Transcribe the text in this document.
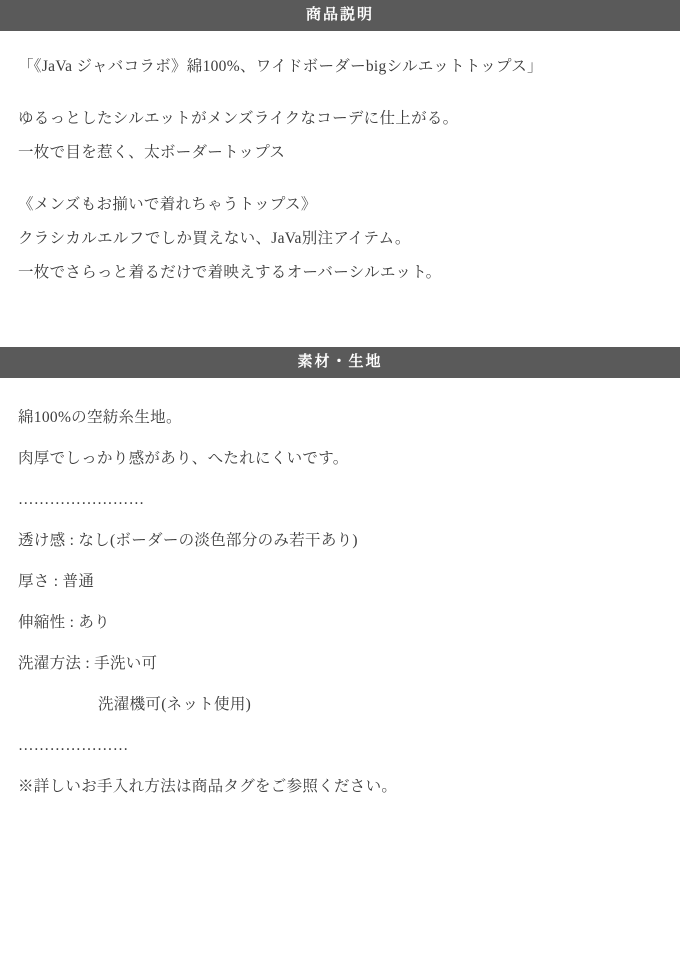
商品説明

「《JaVa ジャバコラボ》綿100%、ワイドボーダーbigシルエットトップス」

ゆるっとしたシルエットがメンズライクなコーデに仕上がる。

一枚で目を惹く、太ボーダートップス

《メンズもお揃いで着れちゃうトップス》

クラシカルエルフでしか買えない、JaVa別注アイテム。

一枚でさらっと着るだけで着映えするオーバーシルエット。

素材・生地

綿100%の空紡糸生地。

肉厚でしっかり感があり、へたれにくいです。

……………………

透け感 : なし(ボーダーの淡色部分のみ若干あり)

厚さ : 普通

伸縮性 : あり

洗濯方法 : 手洗い可

洗濯機可(ネット使用)

…………………

※詳しいお手入れ方法は商品タグをご参照ください。
